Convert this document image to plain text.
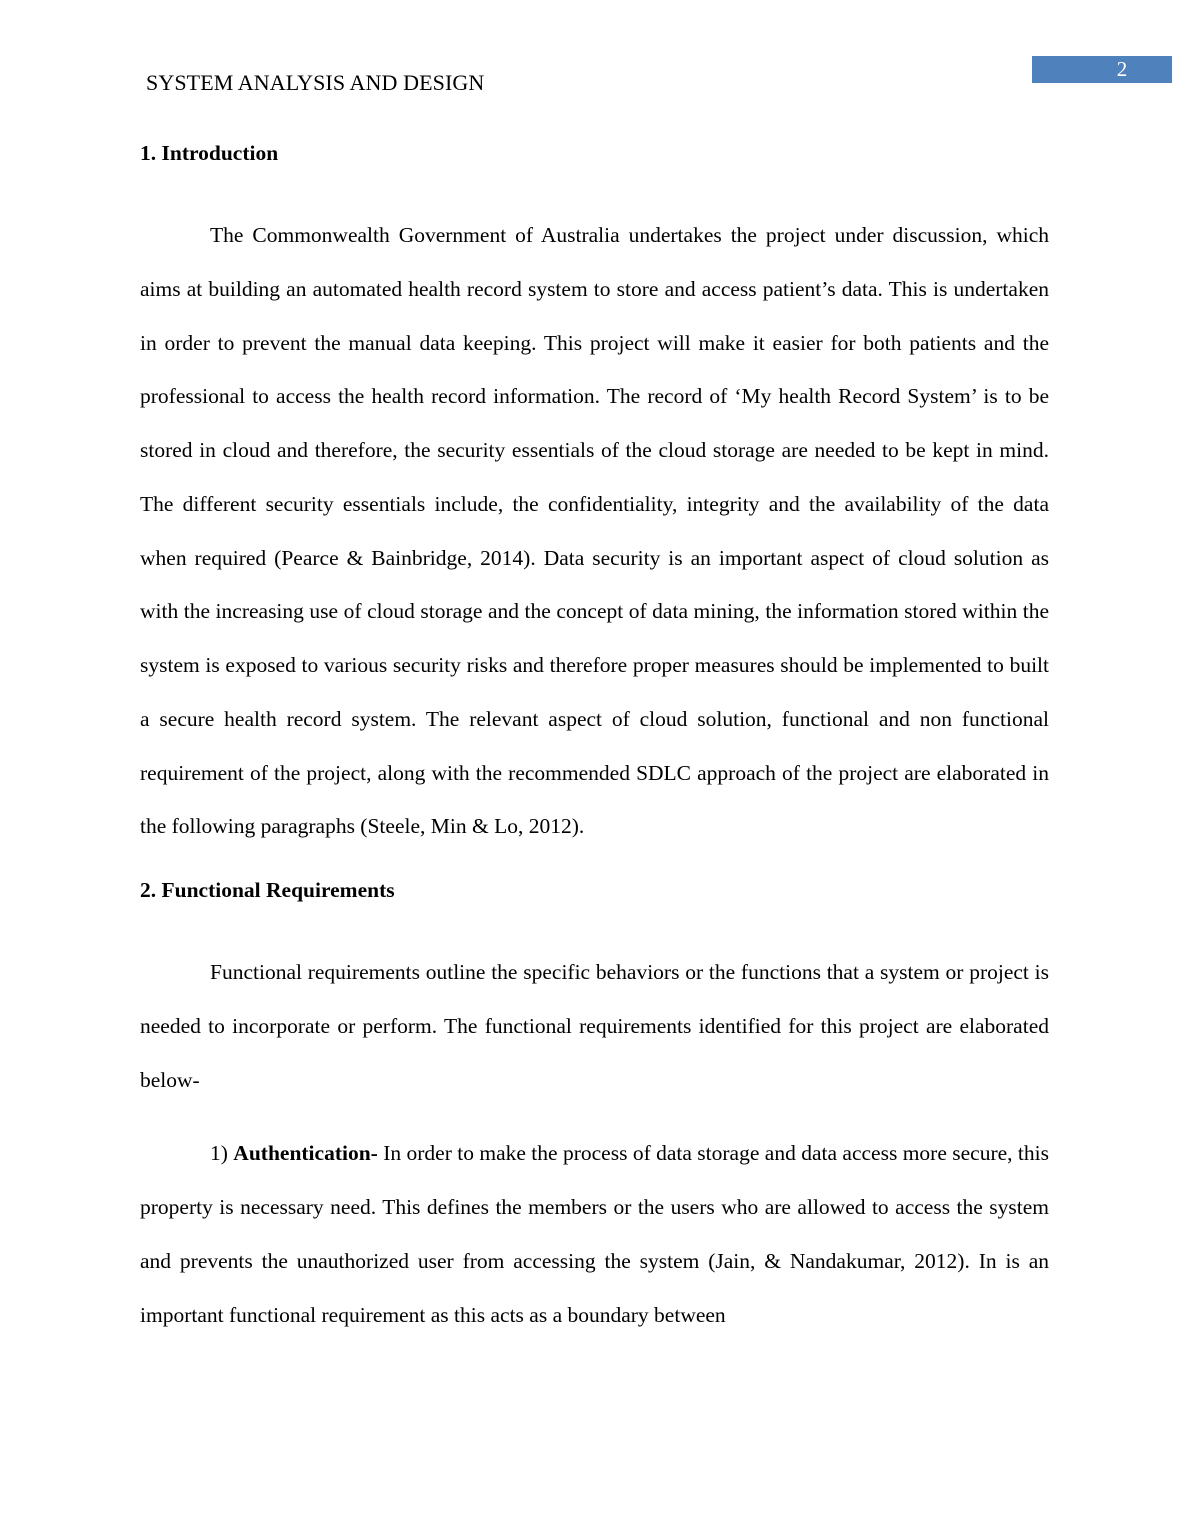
SYSTEM ANALYSIS AND DESIGN
2
1. Introduction

The Commonwealth Government of Australia undertakes the project under discussion, which aims at building an automated health record system to store and access patient’s data. This is undertaken in order to prevent the manual data keeping. This project will make it easier for both patients and the professional to access the health record information. The record of ‘My health Record System’ is to be stored in cloud and therefore, the security essentials of the cloud storage are needed to be kept in mind. The different security essentials include, the confidentiality, integrity and the availability of the data when required (Pearce & Bainbridge, 2014). Data security is an important aspect of cloud solution as with the increasing use of cloud storage and the concept of data mining, the information stored within the system is exposed to various security risks and therefore proper measures should be implemented to built a secure health record system. The relevant aspect of cloud solution, functional and non functional requirement of the project, along with the recommended SDLC approach of the project are elaborated in the following paragraphs (Steele, Min & Lo, 2012).

2. Functional Requirements

Functional requirements outline the specific behaviors or the functions that a system or project is needed to incorporate or perform. The functional requirements identified for this project are elaborated below-

1) Authentication- In order to make the process of data storage and data access more secure, this property is necessary need. This defines the members or the users who are allowed to access the system and prevents the unauthorized user from accessing the system (Jain, & Nandakumar, 2012). In is an important functional requirement as this acts as a boundary between
